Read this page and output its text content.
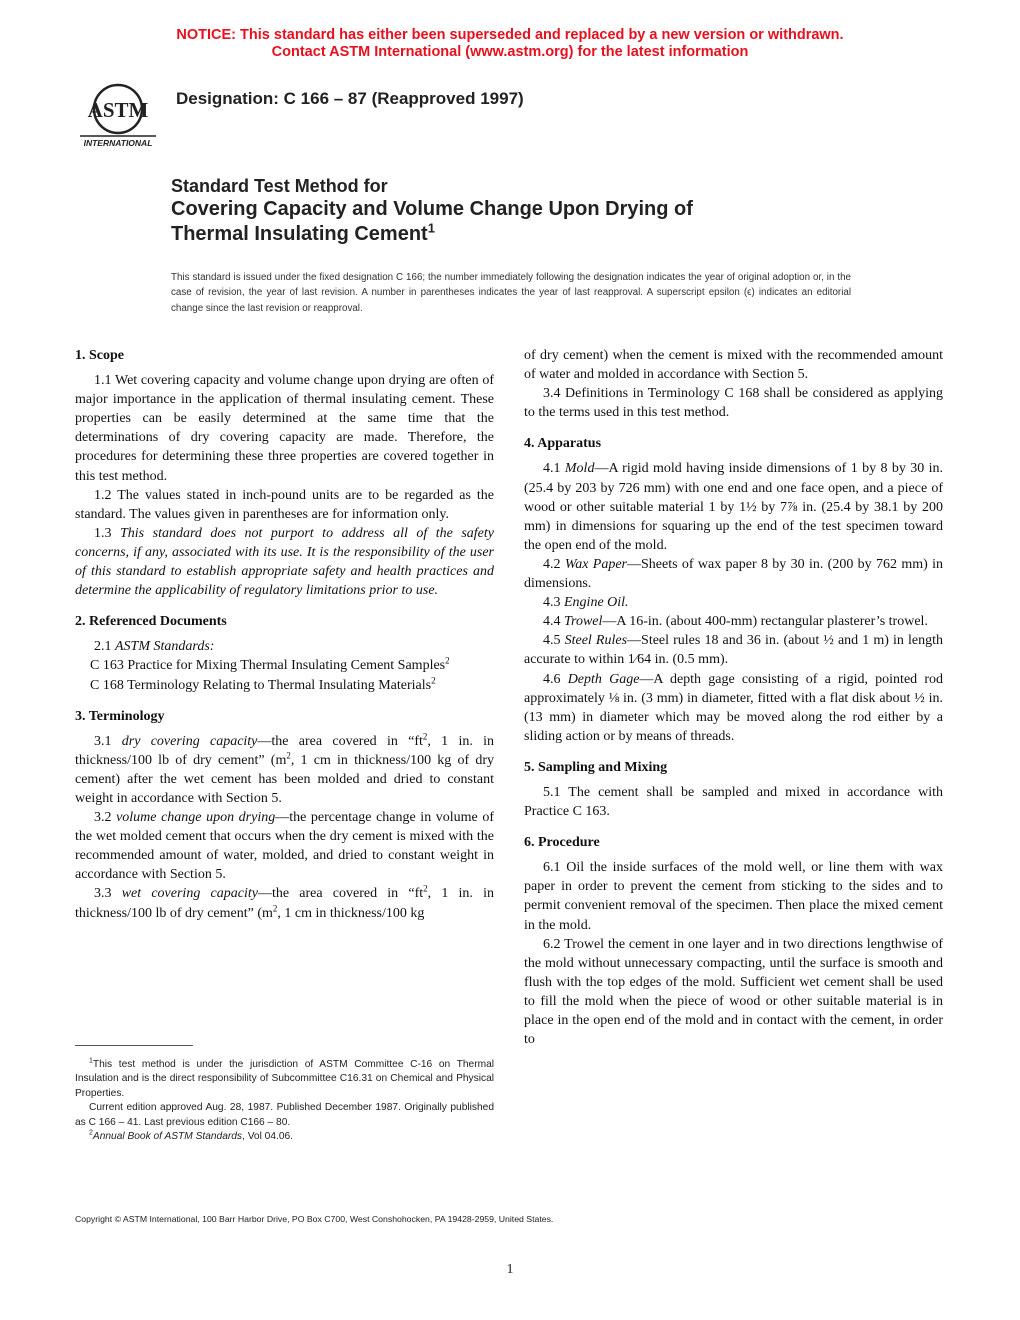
NOTICE: This standard has either been superseded and replaced by a new version or withdrawn.
Contact ASTM International (www.astm.org) for the latest information
ASTM
INTERNATIONAL
Designation: C 166 – 87 (Reapproved 1997)
Standard Test Method for
Covering Capacity and Volume Change Upon Drying of
Thermal Insulating Cement$^1$
This standard is issued under the fixed designation C 166; the number immediately following the designation indicates the year of original adoption or, in the case of revision, the year of last revision. A number in parentheses indicates the year of last reapproval. A superscript epsilon (ϵ) indicates an editorial change since the last revision or reapproval.
1. Scope

1.1 Wet covering capacity and volume change upon drying are often of major importance in the application of thermal insulating cement. These properties can be easily determined at the same time that the determinations of dry covering capacity are made. Therefore, the procedures for determining these three properties are covered together in this test method.

1.2 The values stated in inch-pound units are to be regarded as the standard. The values given in parentheses are for information only.

1.3 This standard does not purport to address all of the safety concerns, if any, associated with its use. It is the responsibility of the user of this standard to establish appropriate safety and health practices and determine the applicability of regulatory limitations prior to use.

2. Referenced Documents

2.1 ASTM Standards:

C 163 Practice for Mixing Thermal Insulating Cement Samples$^2$

C 168 Terminology Relating to Thermal Insulating Materials$^2$

3. Terminology

3.1 dry covering capacity—the area covered in “$ft^2$, 1 in. in thickness/100 lb of dry cement” ($m^2$, 1 cm in thickness/100 kg of dry cement) after the wet cement has been molded and dried to constant weight in accordance with Section 5.

3.2 volume change upon drying—the percentage change in volume of the wet molded cement that occurs when the dry cement is mixed with the recommended amount of water, molded, and dried to constant weight in accordance with Section 5.

3.3 wet covering capacity—the area covered in “$ft^2$, 1 in. in thickness/100 lb of dry cement” ($m^2$, 1 cm in thickness/100 kg

of dry cement) when the cement is mixed with the recommended amount of water and molded in accordance with Section 5.

3.4 Definitions in Terminology C 168 shall be considered as applying to the terms used in this test method.

4. Apparatus

4.1 Mold—A rigid mold having inside dimensions of 1 by 8 by 30 in. (25.4 by 203 by 726 mm) with one end and one face open, and a piece of wood or other suitable material 1 by 1½ by 7⅞ in. (25.4 by 38.1 by 200 mm) in dimensions for squaring up the end of the test specimen toward the open end of the mold.

4.2 Wax Paper—Sheets of wax paper 8 by 30 in. (200 by 762 mm) in dimensions.

4.3 Engine Oil.

4.4 Trowel—A 16-in. (about 400-mm) rectangular plasterer’s trowel.

4.5 Steel Rules—Steel rules 18 and 36 in. (about ½ and 1 m) in length accurate to within 1⁄64 in. (0.5 mm).

4.6 Depth Gage—A depth gage consisting of a rigid, pointed rod approximately ⅛ in. (3 mm) in diameter, fitted with a flat disk about ½ in. (13 mm) in diameter which may be moved along the rod either by a sliding action or by means of threads.

5. Sampling and Mixing

5.1 The cement shall be sampled and mixed in accordance with Practice C 163.

6. Procedure

6.1 Oil the inside surfaces of the mold well, or line them with wax paper in order to prevent the cement from sticking to the sides and to permit convenient removal of the specimen. Then place the mixed cement in the mold.

6.2 Trowel the cement in one layer and in two directions lengthwise of the mold without unnecessary compacting, until the surface is smooth and flush with the top edges of the mold. Sufficient wet cement shall be used to fill the mold when the piece of wood or other suitable material is in place in the open end of the mold and in contact with the cement, in order to

$^1$This test method is under the jurisdiction of ASTM Committee C-16 on Thermal Insulation and is the direct responsibility of Subcommittee C16.31 on Chemical and Physical Properties.

Current edition approved Aug. 28, 1987. Published December 1987. Originally published as C 166 – 41. Last previous edition C166 – 80.

$^2$Annual Book of ASTM Standards, Vol 04.06.

Copyright © ASTM International, 100 Barr Harbor Drive, PO Box C700, West Conshohocken, PA 19428-2959, United States.
1
